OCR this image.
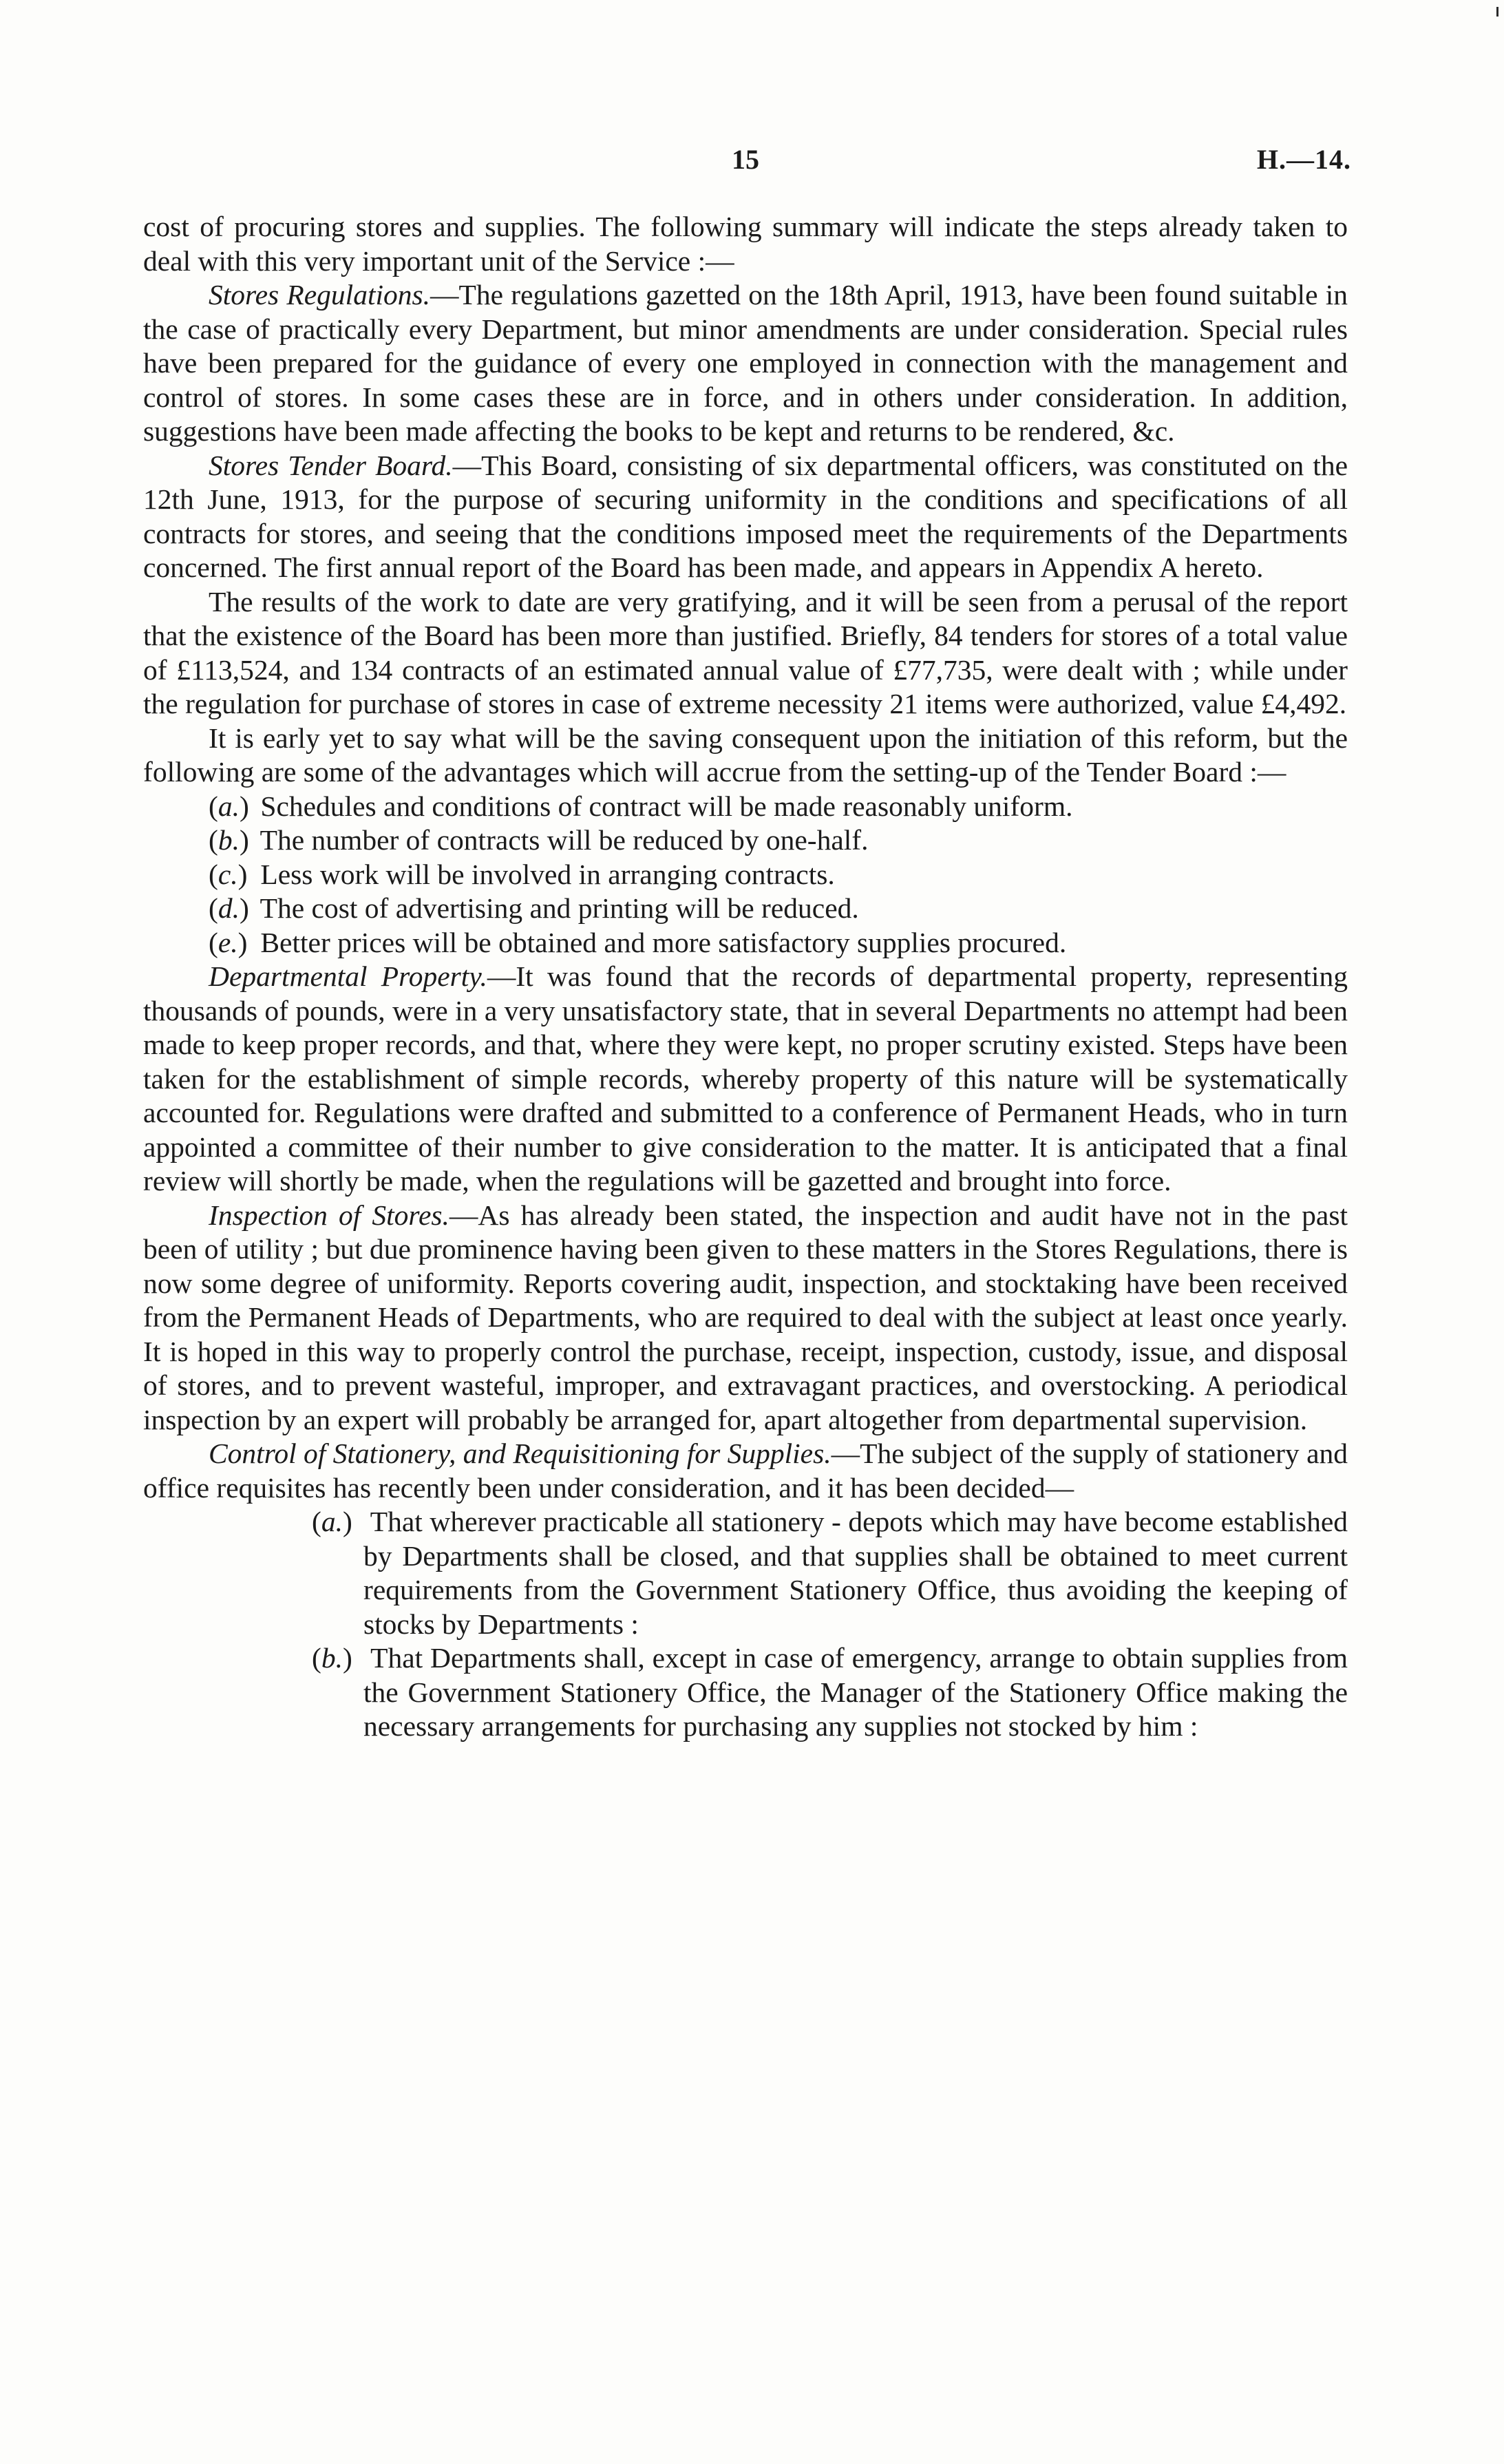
15	H.—14.

cost of procuring stores and supplies. The following summary will indicate the steps already taken to deal with this very important unit of the Service :—

Stores Regulations.—The regulations gazetted on the 18th April, 1913, have been found suitable in the case of practically every Department, but minor amendments are under consideration. Special rules have been prepared for the guidance of every one employed in connection with the management and control of stores. In some cases these are in force, and in others under consideration. In addition, suggestions have been made affecting the books to be kept and returns to be rendered, &c.

Stores Tender Board.—This Board, consisting of six departmental officers, was constituted on the 12th June, 1913, for the purpose of securing uniformity in the conditions and specifications of all contracts for stores, and seeing that the conditions imposed meet the requirements of the Departments concerned. The first annual report of the Board has been made, and appears in Appendix A hereto.

The results of the work to date are very gratifying, and it will be seen from a perusal of the report that the existence of the Board has been more than justified. Briefly, 84 tenders for stores of a total value of £113,524, and 134 contracts of an estimated annual value of £77,735, were dealt with ; while under the regulation for purchase of stores in case of extreme necessity 21 items were authorized, value £4,492.

It is early yet to say what will be the saving consequent upon the initiation of this reform, but the following are some of the advantages which will accrue from the setting-up of the Tender Board :—

(a.) Schedules and conditions of contract will be made reasonably uniform.
(b.) The number of contracts will be reduced by one-half.
(c.) Less work will be involved in arranging contracts.
(d.) The cost of advertising and printing will be reduced.
(e.) Better prices will be obtained and more satisfactory supplies procured.

Departmental Property.—It was found that the records of departmental property, representing thousands of pounds, were in a very unsatisfactory state, that in several Departments no attempt had been made to keep proper records, and that, where they were kept, no proper scrutiny existed. Steps have been taken for the establishment of simple records, whereby property of this nature will be systematically accounted for. Regulations were drafted and submitted to a conference of Permanent Heads, who in turn appointed a committee of their number to give consideration to the matter. It is anticipated that a final review will shortly be made, when the regulations will be gazetted and brought into force.

Inspection of Stores.—As has already been stated, the inspection and audit have not in the past been of utility ; but due prominence having been given to these matters in the Stores Regulations, there is now some degree of uniformity. Reports covering audit, inspection, and stocktaking have been received from the Permanent Heads of Departments, who are required to deal with the subject at least once yearly. It is hoped in this way to properly control the purchase, receipt, inspection, custody, issue, and disposal of stores, and to prevent wasteful, improper, and extravagant practices, and overstocking. A periodical inspection by an expert will probably be arranged for, apart altogether from departmental supervision.

Control of Stationery, and Requisitioning for Supplies.—The subject of the supply of stationery and office requisites has recently been under consideration, and it has been decided—

(a.) That wherever practicable all stationery - depots which may have become established by Departments shall be closed, and that supplies shall be obtained to meet current requirements from the Government Stationery Office, thus avoiding the keeping of stocks by Departments :
(b.) That Departments shall, except in case of emergency, arrange to obtain supplies from the Government Stationery Office, the Manager of the Stationery Office making the necessary arrangements for purchasing any supplies not stocked by him :
